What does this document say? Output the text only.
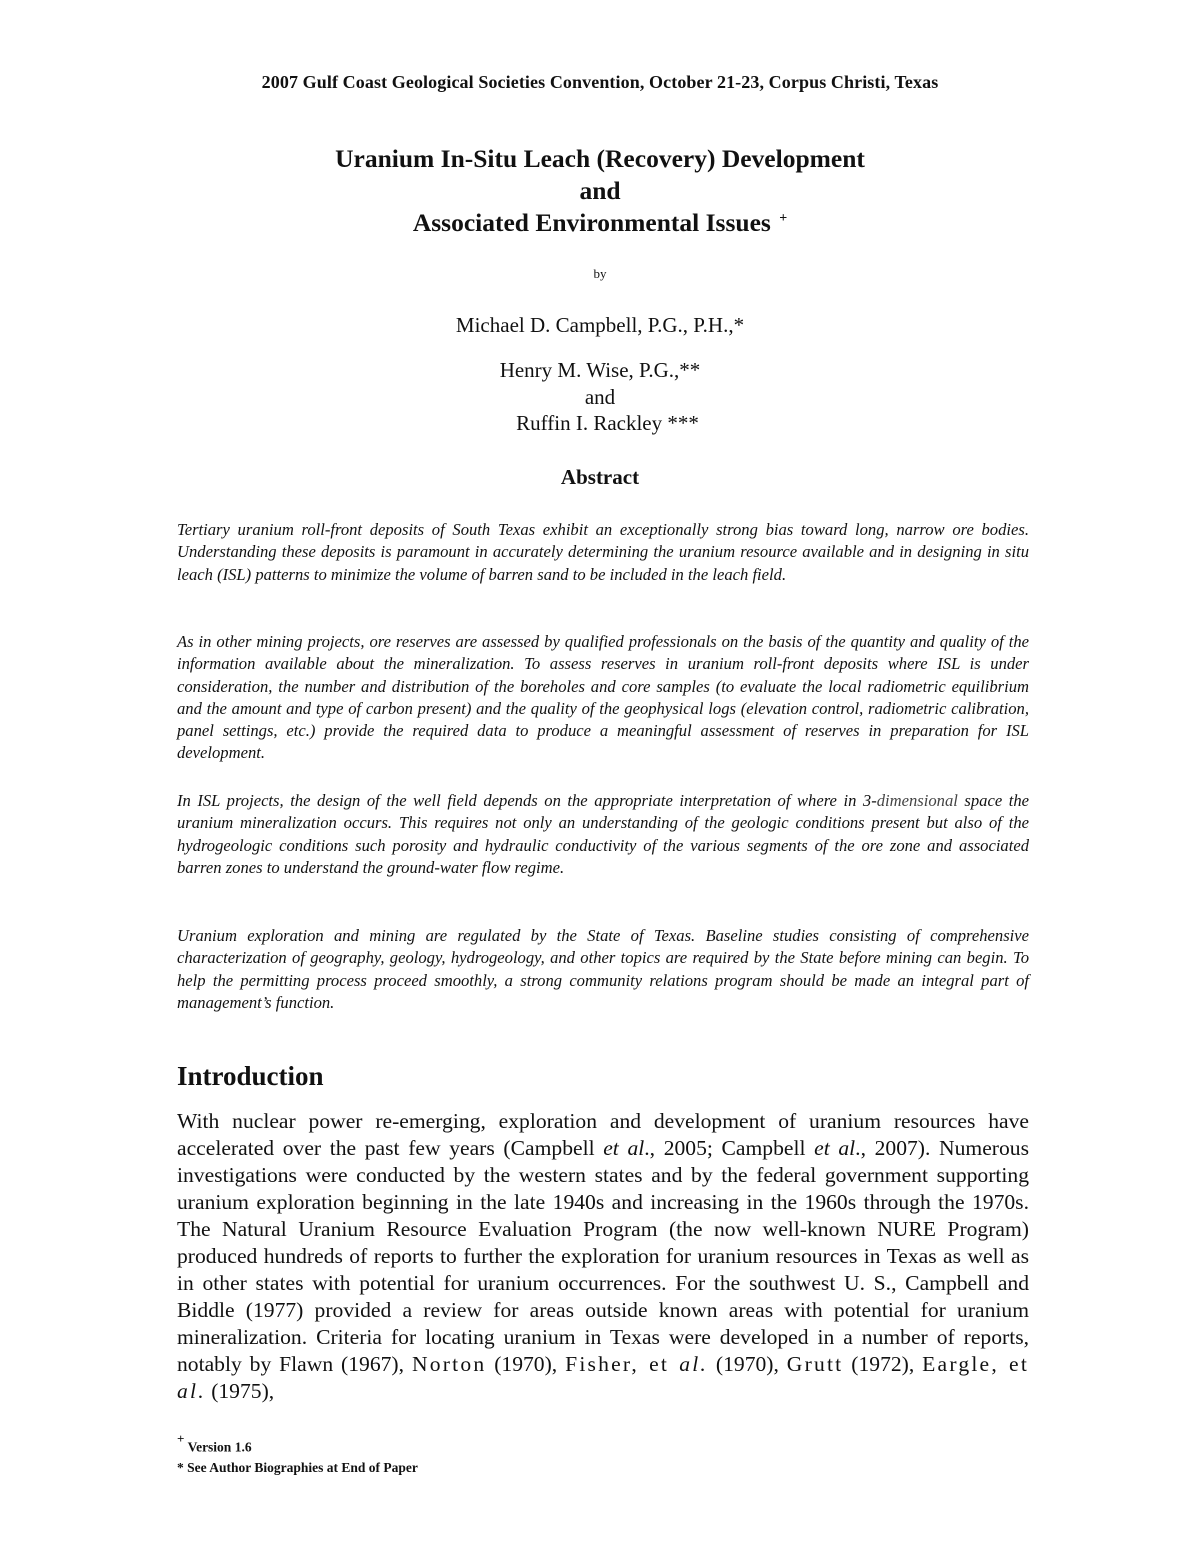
2007 Gulf Coast Geological Societies Convention, October 21-23, Corpus Christi, Texas
Uranium In-Situ Leach (Recovery) Development
and
Associated Environmental Issues +
by
Michael D. Campbell, P.G., P.H.,*
Henry M. Wise, P.G.,**
and
Ruffin I. Rackley ***
Abstract

Tertiary uranium roll-front deposits of South Texas exhibit an exceptionally strong bias toward long, narrow ore bodies. Understanding these deposits is paramount in accurately determining the uranium resource available and in designing in situ leach (ISL) patterns to minimize the volume of barren sand to be included in the leach field.

As in other mining projects, ore reserves are assessed by qualified professionals on the basis of the quantity and quality of the information available about the mineralization. To assess reserves in uranium roll-front deposits where ISL is under consideration, the number and distribution of the boreholes and core samples (to evaluate the local radiometric equilibrium and the amount and type of carbon present) and the quality of the geophysical logs (elevation control, radiometric calibration, panel settings, etc.) provide the required data to produce a meaningful assessment of reserves in preparation for ISL development.

In ISL projects, the design of the well field depends on the appropriate interpretation of where in 3-dimensional space the uranium mineralization occurs. This requires not only an understanding of the geologic conditions present but also of the hydrogeologic conditions such porosity and hydraulic conductivity of the various segments of the ore zone and associated barren zones to understand the ground-water flow regime.

Uranium exploration and mining are regulated by the State of Texas. Baseline studies consisting of comprehensive characterization of geography, geology, hydrogeology, and other topics are required by the State before mining can begin. To help the permitting process proceed smoothly, a strong community relations program should be made an integral part of management’s function.

Introduction

With nuclear power re-emerging, exploration and development of uranium resources have accelerated over the past few years (Campbell et al., 2005; Campbell et al., 2007). Numerous investigations were conducted by the western states and by the federal government supporting uranium exploration beginning in the late 1940s and increasing in the 1960s through the 1970s. The Natural Uranium Resource Evaluation Program (the now well-known NURE Program) produced hundreds of reports to further the exploration for uranium resources in Texas as well as in other states with potential for uranium occurrences. For the southwest U. S., Campbell and Biddle (1977) provided a review for areas outside known areas with potential for uranium mineralization. Criteria for locating uranium in Texas were developed in a number of reports, notably by Flawn (1967), Norton (1970), Fisher, et al. (1970), Grutt (1972), Eargle, et al. (1975),

+ Version 1.6
* See Author Biographies at End of Paper
